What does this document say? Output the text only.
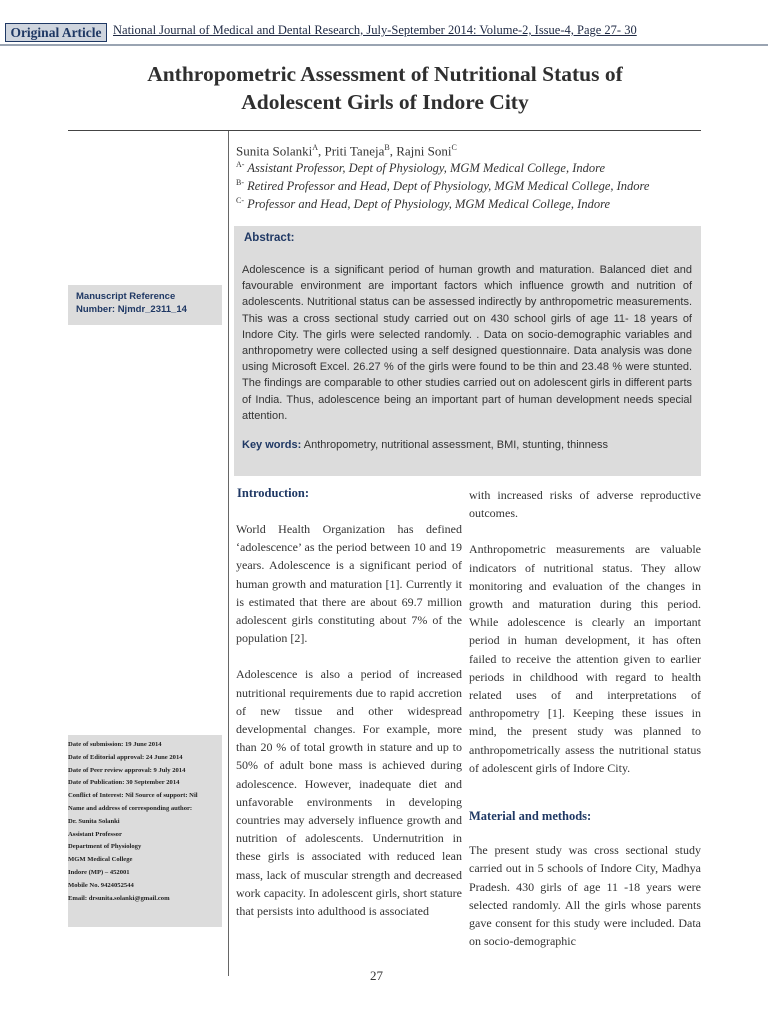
Original Article National Journal of Medical and Dental Research, July-September 2014: Volume-2, Issue-4, Page 27- 30
Anthropometric Assessment of Nutritional Status of
Adolescent Girls of Indore City
Sunita Solanki$^A$, Priti Taneja$^B$, Rajni Soni$^C$
$^{A-}$ Assistant Professor, Dept of Physiology, MGM Medical College, Indore
$^{B-}$ Retired Professor and Head, Dept of Physiology, MGM Medical College, Indore
$^{C-}$ Professor and Head, Dept of Physiology, MGM Medical College, Indore
Abstract:
Adolescence is a significant period of human growth and maturation. Balanced diet and favourable environment are important factors which influence growth and nutrition of adolescents. Nutritional status can be assessed indirectly by anthropometric measurements. This was a cross sectional study carried out on 430 school girls of age 11- 18 years of Indore City. The girls were selected randomly. . Data on socio-demographic variables and anthropometry were collected using a self designed questionnaire. Data analysis was done using Microsoft Excel. 26.27 % of the girls were found to be thin and 23.48 % were stunted. The findings are comparable to other studies carried out on adolescent girls in different parts of India. Thus, adolescence being an important part of human development needs special attention.
Key words: Anthropometry, nutritional assessment, BMI, stunting, thinness
Manuscript Reference
Number: Njmdr_2311_14
Date of submission: 19 June 2014
Date of Editorial approval: 24 June 2014
Date of Peer review approval: 9 July 2014
Date of Publication: 30 September 2014
Conflict of Interest: Nil Source of support: Nil
Name and address of corresponding author:
Dr. Sunita Solanki
Assistant Professor
Department of Physiology
MGM Medical College
Indore (MP) – 452001
Mobile No. 9424052544
Email: drsunita.solanki@gmail.com
Introduction:

World Health Organization has defined ‘adolescence’ as the period between 10 and 19 years. Adolescence is a significant period of human growth and maturation [1]. Currently it is estimated that there are about 69.7 million adolescent girls constituting about 7% of the population [2].

Adolescence is also a period of increased nutritional requirements due to rapid accretion of new tissue and other widespread developmental changes. For example, more than 20 % of total growth in stature and up to 50% of adult bone mass is achieved during adolescence. However, inadequate diet and unfavorable environments in developing countries may adversely influence growth and nutrition of adolescents. Undernutrition in these girls is associated with reduced lean mass, lack of muscular strength and decreased work capacity. In adolescent girls, short stature that persists into adulthood is associated

with increased risks of adverse reproductive outcomes.

Anthropometric measurements are valuable indicators of nutritional status. They allow monitoring and evaluation of the changes in growth and maturation during this period. While adolescence is clearly an important period in human development, it has often failed to receive the attention given to earlier periods in childhood with regard to health related uses of and interpretations of anthropometry [1]. Keeping these issues in mind, the present study was planned to anthropometrically assess the nutritional status of adolescent girls of Indore City.

Material and methods:

The present study was cross sectional study carried out in 5 schools of Indore City, Madhya Pradesh. 430 girls of age 11 -18 years were selected randomly. All the girls whose parents gave consent for this study were included. Data on socio-demographic

27
